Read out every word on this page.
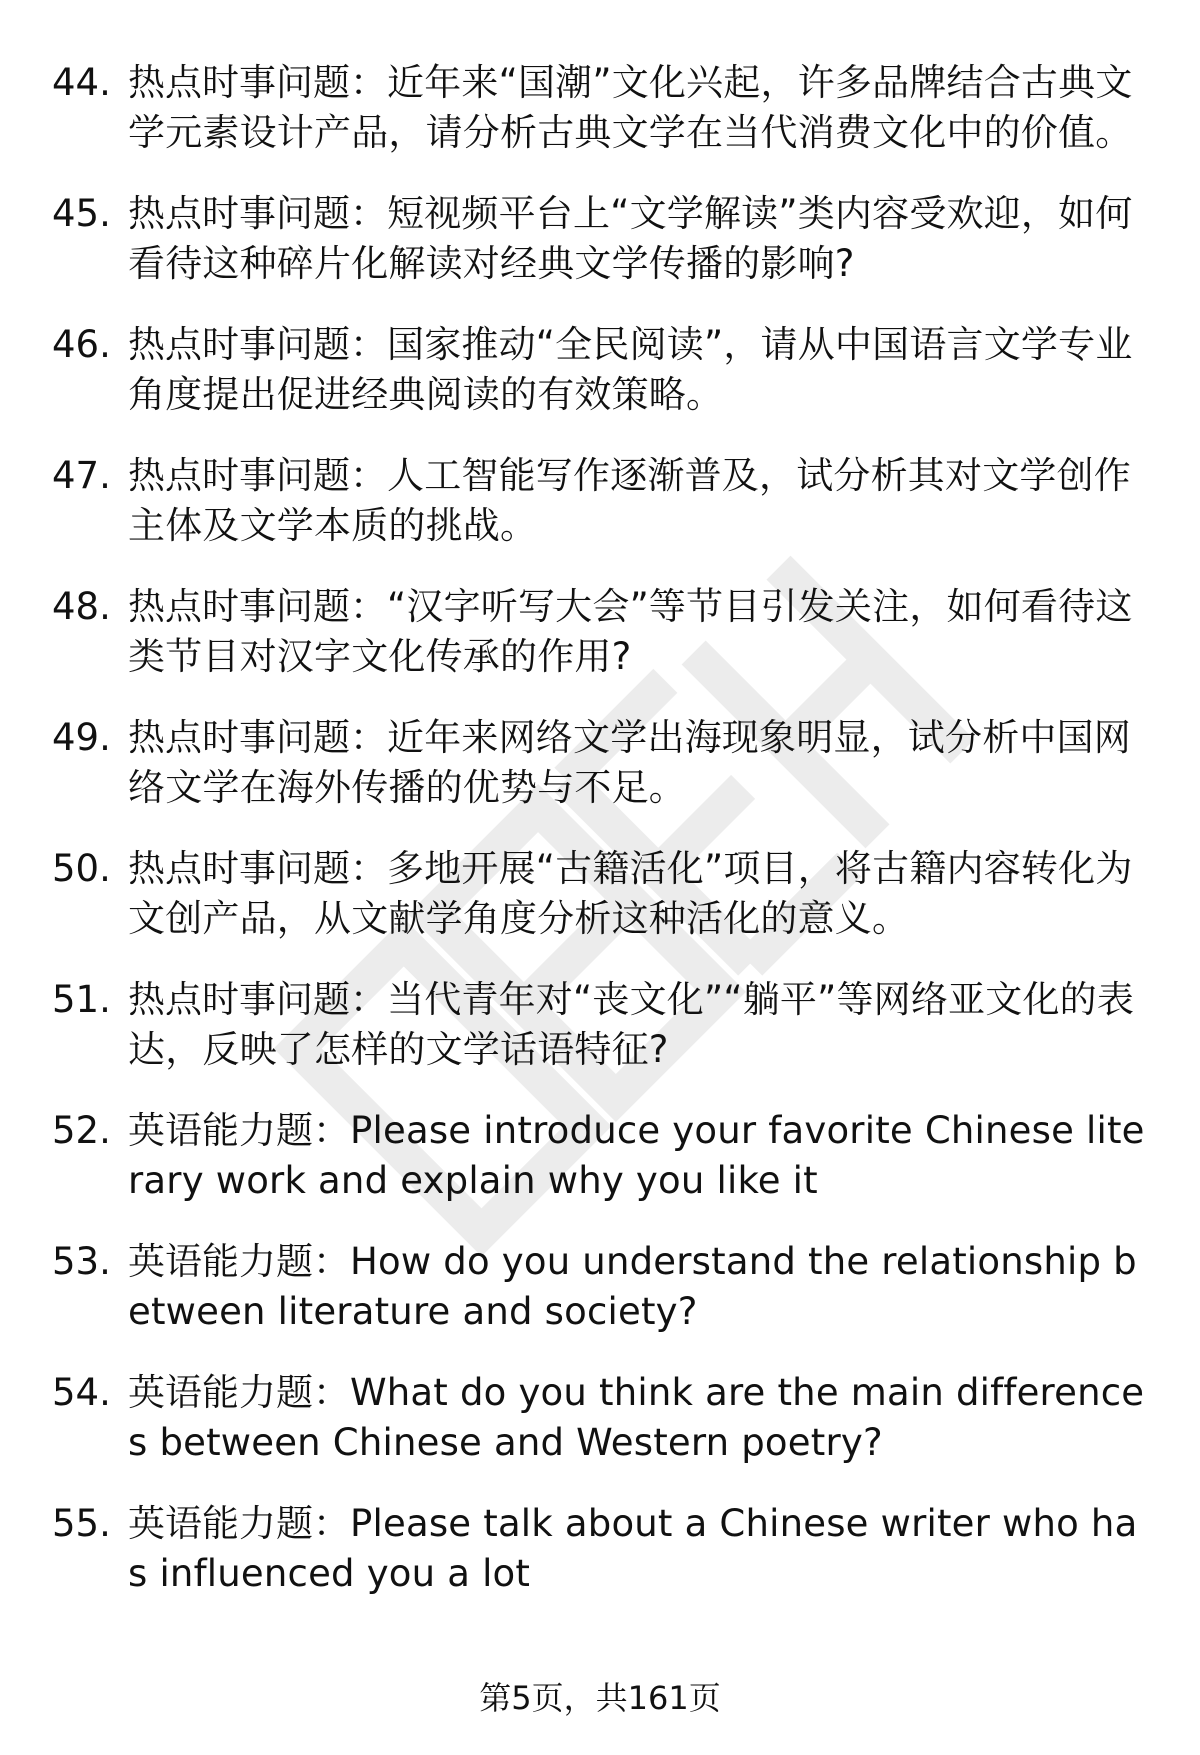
44. 热点时事问题：近年来“国潮”文化兴起，许多品牌结合古典文学元素设计产品，请分析古典文学在当代消费文化中的价值。
45. 热点时事问题：短视频平台上“文学解读”类内容受欢迎，如何看待这种碎片化解读对经典文学传播的影响?
46. 热点时事问题：国家推动“全民阅读”，请从中国语言文学专业角度提出促进经典阅读的有效策略。
47. 热点时事问题：人工智能写作逐渐普及，试分析其对文学创作主体及文学本质的挑战。
48. 热点时事问题：“汉字听写大会”等节目引发关注，如何看待这类节目对汉字文化传承的作用?
49. 热点时事问题：近年来网络文学出海现象明显，试分析中国网络文学在海外传播的优势与不足。
50. 热点时事问题：多地开展“古籍活化”项目，将古籍内容转化为文创产品，从文献学角度分析这种活化的意义。
51. 热点时事问题：当代青年对“丧文化”“躺平”等网络亚文化的表达，反映了怎样的文学话语特征?
52. 英语能力题：Please introduce your favorite Chinese literary work and explain why you like it
53. 英语能力题：How do you understand the relationship between literature and society?
54. 英语能力题：What do you think are the main differences between Chinese and Western poetry?
55. 英语能力题：Please talk about a Chinese writer who has influenced you a lot
第5页，共161页
